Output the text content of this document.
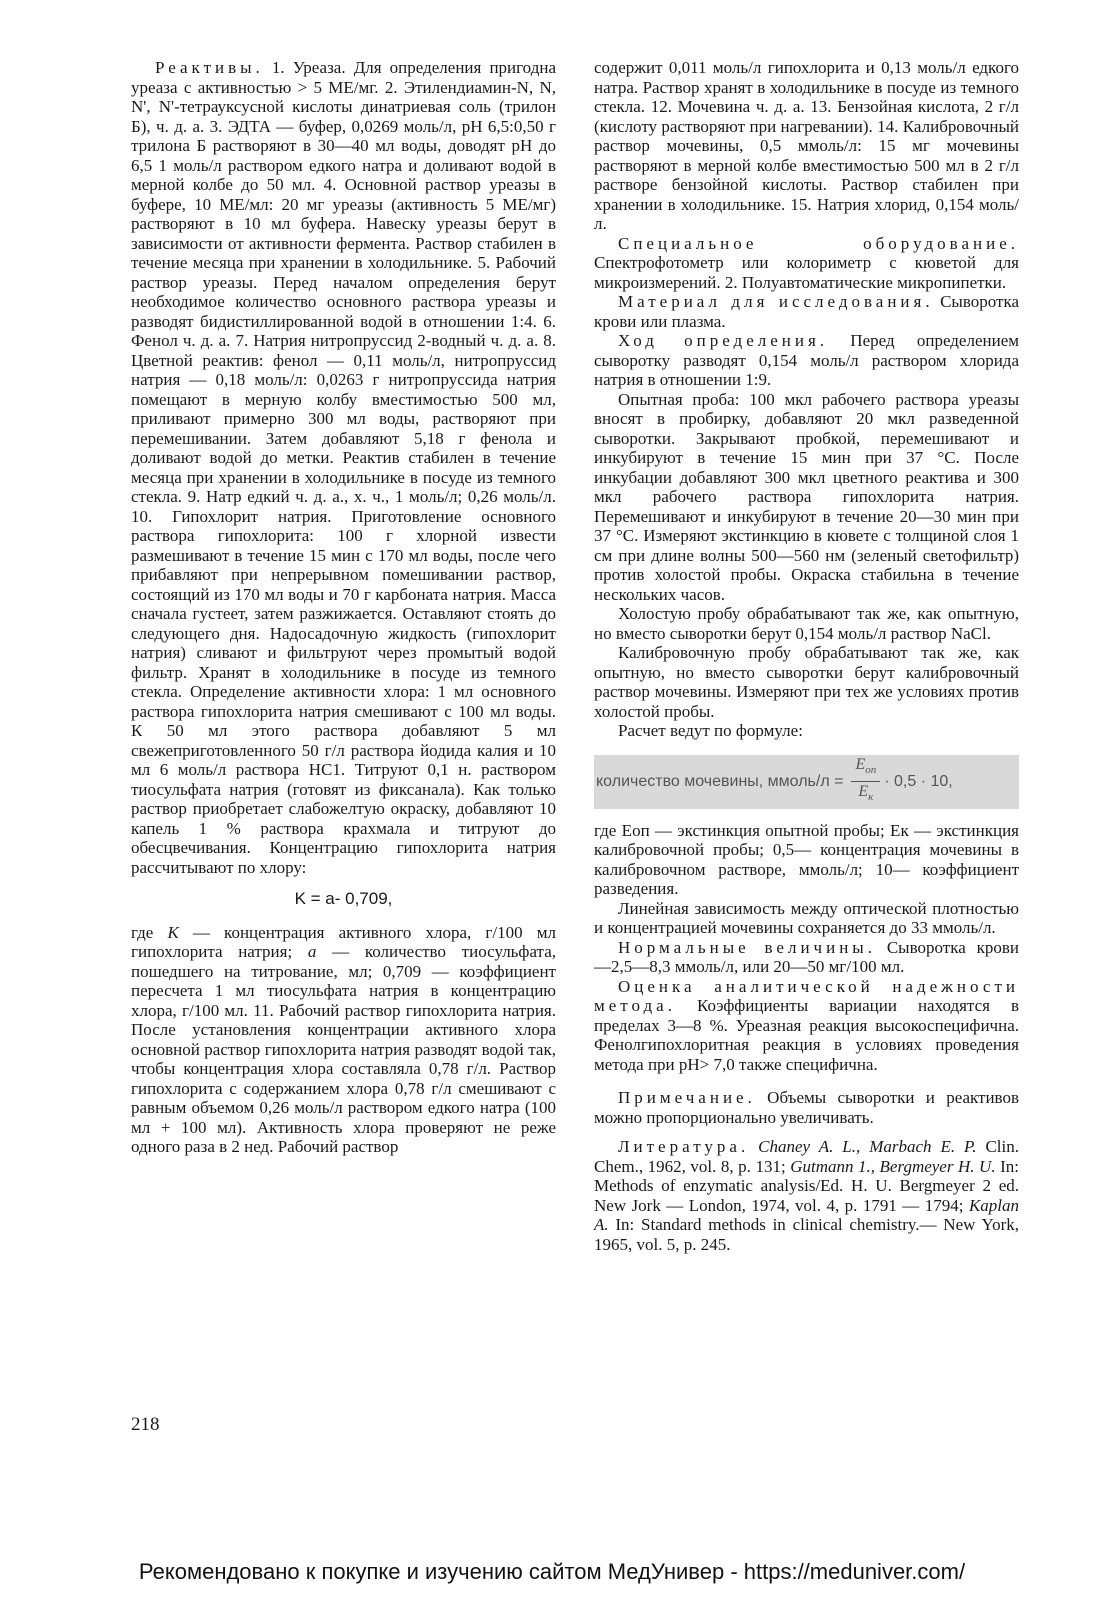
Реактивы. 1. Уреаза. Для определения пригодна уреаза с активностью > 5 МЕ/мг. 2. Этилендиамин-N, N, N', N'-тетрауксусной кислоты динатриевая соль (трилон Б), ч. д. а. 3. ЭДТА — буфер, 0,0269 моль/л, рН 6,5:0,50 г трилона Б растворяют в 30—40 мл воды, доводят рН до 6,5 1 моль/л раствором едкого натра и доливают водой в мерной колбе до 50 мл. 4. Основной раствор уреазы в буфере, 10 МЕ/мл: 20 мг уреазы (активность 5 МЕ/мг) растворяют в 10 мл буфера. Навеску уреазы берут в зависимости от активности фермента. Раствор стабилен в течение месяца при хранении в холодильнике. 5. Рабочий раствор уреазы. Перед началом определения берут необходимое количество основного раствора уреазы и разводят бидистиллированной водой в отношении 1:4. 6. Фенол ч. д. а. 7. Натрия нитропруссид 2-водный ч. д. а. 8. Цветной реактив: фенол — 0,11 моль/л, нитропруссид натрия — 0,18 моль/л: 0,0263 г нитропруссида натрия помещают в мерную колбу вместимостью 500 мл, приливают примерно 300 мл воды, растворяют при перемешивании. Затем добавляют 5,18 г фенола и доливают водой до метки. Реактив стабилен в течение месяца при хранении в холодильнике в посуде из темного стекла. 9. Натр едкий ч. д. а., х. ч., 1 моль/л; 0,26 моль/л. 10. Гипохлорит натрия. Приготовление основного раствора гипохлорита: 100 г хлорной извести размешивают в течение 15 мин с 170 мл воды, после чего прибавляют при непрерывном помешивании раствор, состоящий из 170 мл воды и 70 г карбоната натрия. Масса сначала густеет, затем разжижается. Оставляют стоять до следующего дня. Надосадочную жидкость (гипохлорит натрия) сливают и фильтруют через промытый водой фильтр. Хранят в холодильнике в посуде из темного стекла. Определение активности хлора: 1 мл основного раствора гипохлорита натрия смешивают с 100 мл воды. К 50 мл этого раствора добавляют 5 мл свежеприготовленного 50 г/л раствора йодида калия и 10 мл 6 моль/л раствора НС1. Титруют 0,1 н. раствором тиосульфата натрия (готовят из фиксанала). Как только раствор приобретает слабожелтую окраску, добавляют 10 капель 1 % раствора крахмала и титруют до обесцвечивания. Концентрацию гипохлорита натрия рассчитывают по хлору:

K = a- 0,709,

где K — концентрация активного хлора, г/100 мл гипохлорита натрия; а — количество тиосульфата, пошедшего на титрование, мл; 0,709 — коэффициент пересчета 1 мл тиосульфата натрия в концентрацию хлора, г/100 мл. 11. Рабочий раствор гипохлорита натрия. После установления концентрации активного хлора основной раствор гипохлорита натрия разводят водой так, чтобы концентрация хлора составляла 0,78 г/л. Раствор гипохлорита с содержанием хлора 0,78 г/л смешивают с равным объемом 0,26 моль/л раствором едкого натра (100 мл + 100 мл). Активность хлора проверяют не реже одного раза в 2 нед. Рабочий раствор

содержит 0,011 моль/л гипохлорита и 0,13 моль/л едкого натра. Раствор хранят в холодильнике в посуде из темного стекла. 12. Мочевина ч. д. а. 13. Бензойная кислота, 2 г/л (кислоту растворяют при нагревании). 14. Калибровочный раствор мочевины, 0,5 ммоль/л: 15 мг мочевины растворяют в мерной колбе вместимостью 500 мл в 2 г/л растворе бензойной кислоты. Раствор стабилен при хранении в холодильнике. 15. Натрия хлорид, 0,154 моль/л.

Специальное оборудование. Спектрофотометр или колориметр с кюветой для микроизмерений. 2. Полуавтоматические микропипетки.

Материал для исследования. Сыворотка крови или плазма.

Ход определения. Перед определением сыворотку разводят 0,154 моль/л раствором хлорида натрия в отношении 1:9.

Опытная проба: 100 мкл рабочего раствора уреазы вносят в пробирку, добавляют 20 мкл разведенной сыворотки. Закрывают пробкой, перемешивают и инкубируют в течение 15 мин при 37 °С. После инкубации добавляют 300 мкл цветного реактива и 300 мкл рабочего раствора гипохлорита натрия. Перемешивают и инкубируют в течение 20—30 мин при 37 °С. Измеряют экстинкцию в кювете с толщиной слоя 1 см при длине волны 500—560 нм (зеленый светофильтр) против холостой пробы. Окраска стабильна в течение нескольких часов.

Холостую пробу обрабатывают так же, как опытную, но вместо сыворотки берут 0,154 моль/л раствор NaCl.

Калибровочную пробу обрабатывают так же, как опытную, но вместо сыворотки берут калибровочный раствор мочевины. Измеряют при тех же условиях против холостой пробы.

Расчет ведут по формуле:

количество мочевины, ммоль/л = $\frac{E_{оп}}{E_к} \cdot 0,5 \cdot 10$,

где Еоп — экстинкция опытной пробы; Ек — экстинкция калибровочной пробы; 0,5— концентрация мочевины в калибровочном растворе, ммоль/л; 10— коэффициент разведения.

Линейная зависимость между оптической плотностью и концентрацией мочевины сохраняется до 33 ммоль/л.

Нормальные величины. Сыворотка крови —2,5—8,3 ммоль/л, или 20—50 мг/100 мл.

Оценка аналитической надежности метода. Коэффициенты вариации находятся в пределах 3—8 %. Уреазная реакция высокоспецифична. Фенолгипохлоритная реакция в условиях проведения метода при рН> 7,0 также специфична.

Примечание. Объемы сыворотки и реактивов можно пропорционально увеличивать.

Литература. Chaney A. L., Marbach E. P. Clin. Chem., 1962, vol. 8, p. 131; Gutmann 1., Bergmeyer H. U. In: Methods of enzymatic analysis/Ed. H. U. Bergmeyer 2 ed. New Jork — London, 1974, vol. 4, p. 1791 — 1794; Kaplan A. In: Standard methods in clinical chemistry.— New York, 1965, vol. 5, p. 245.

218
Рекомендовано к покупке и изучению сайтом МедУнивер - https://meduniver.com/
